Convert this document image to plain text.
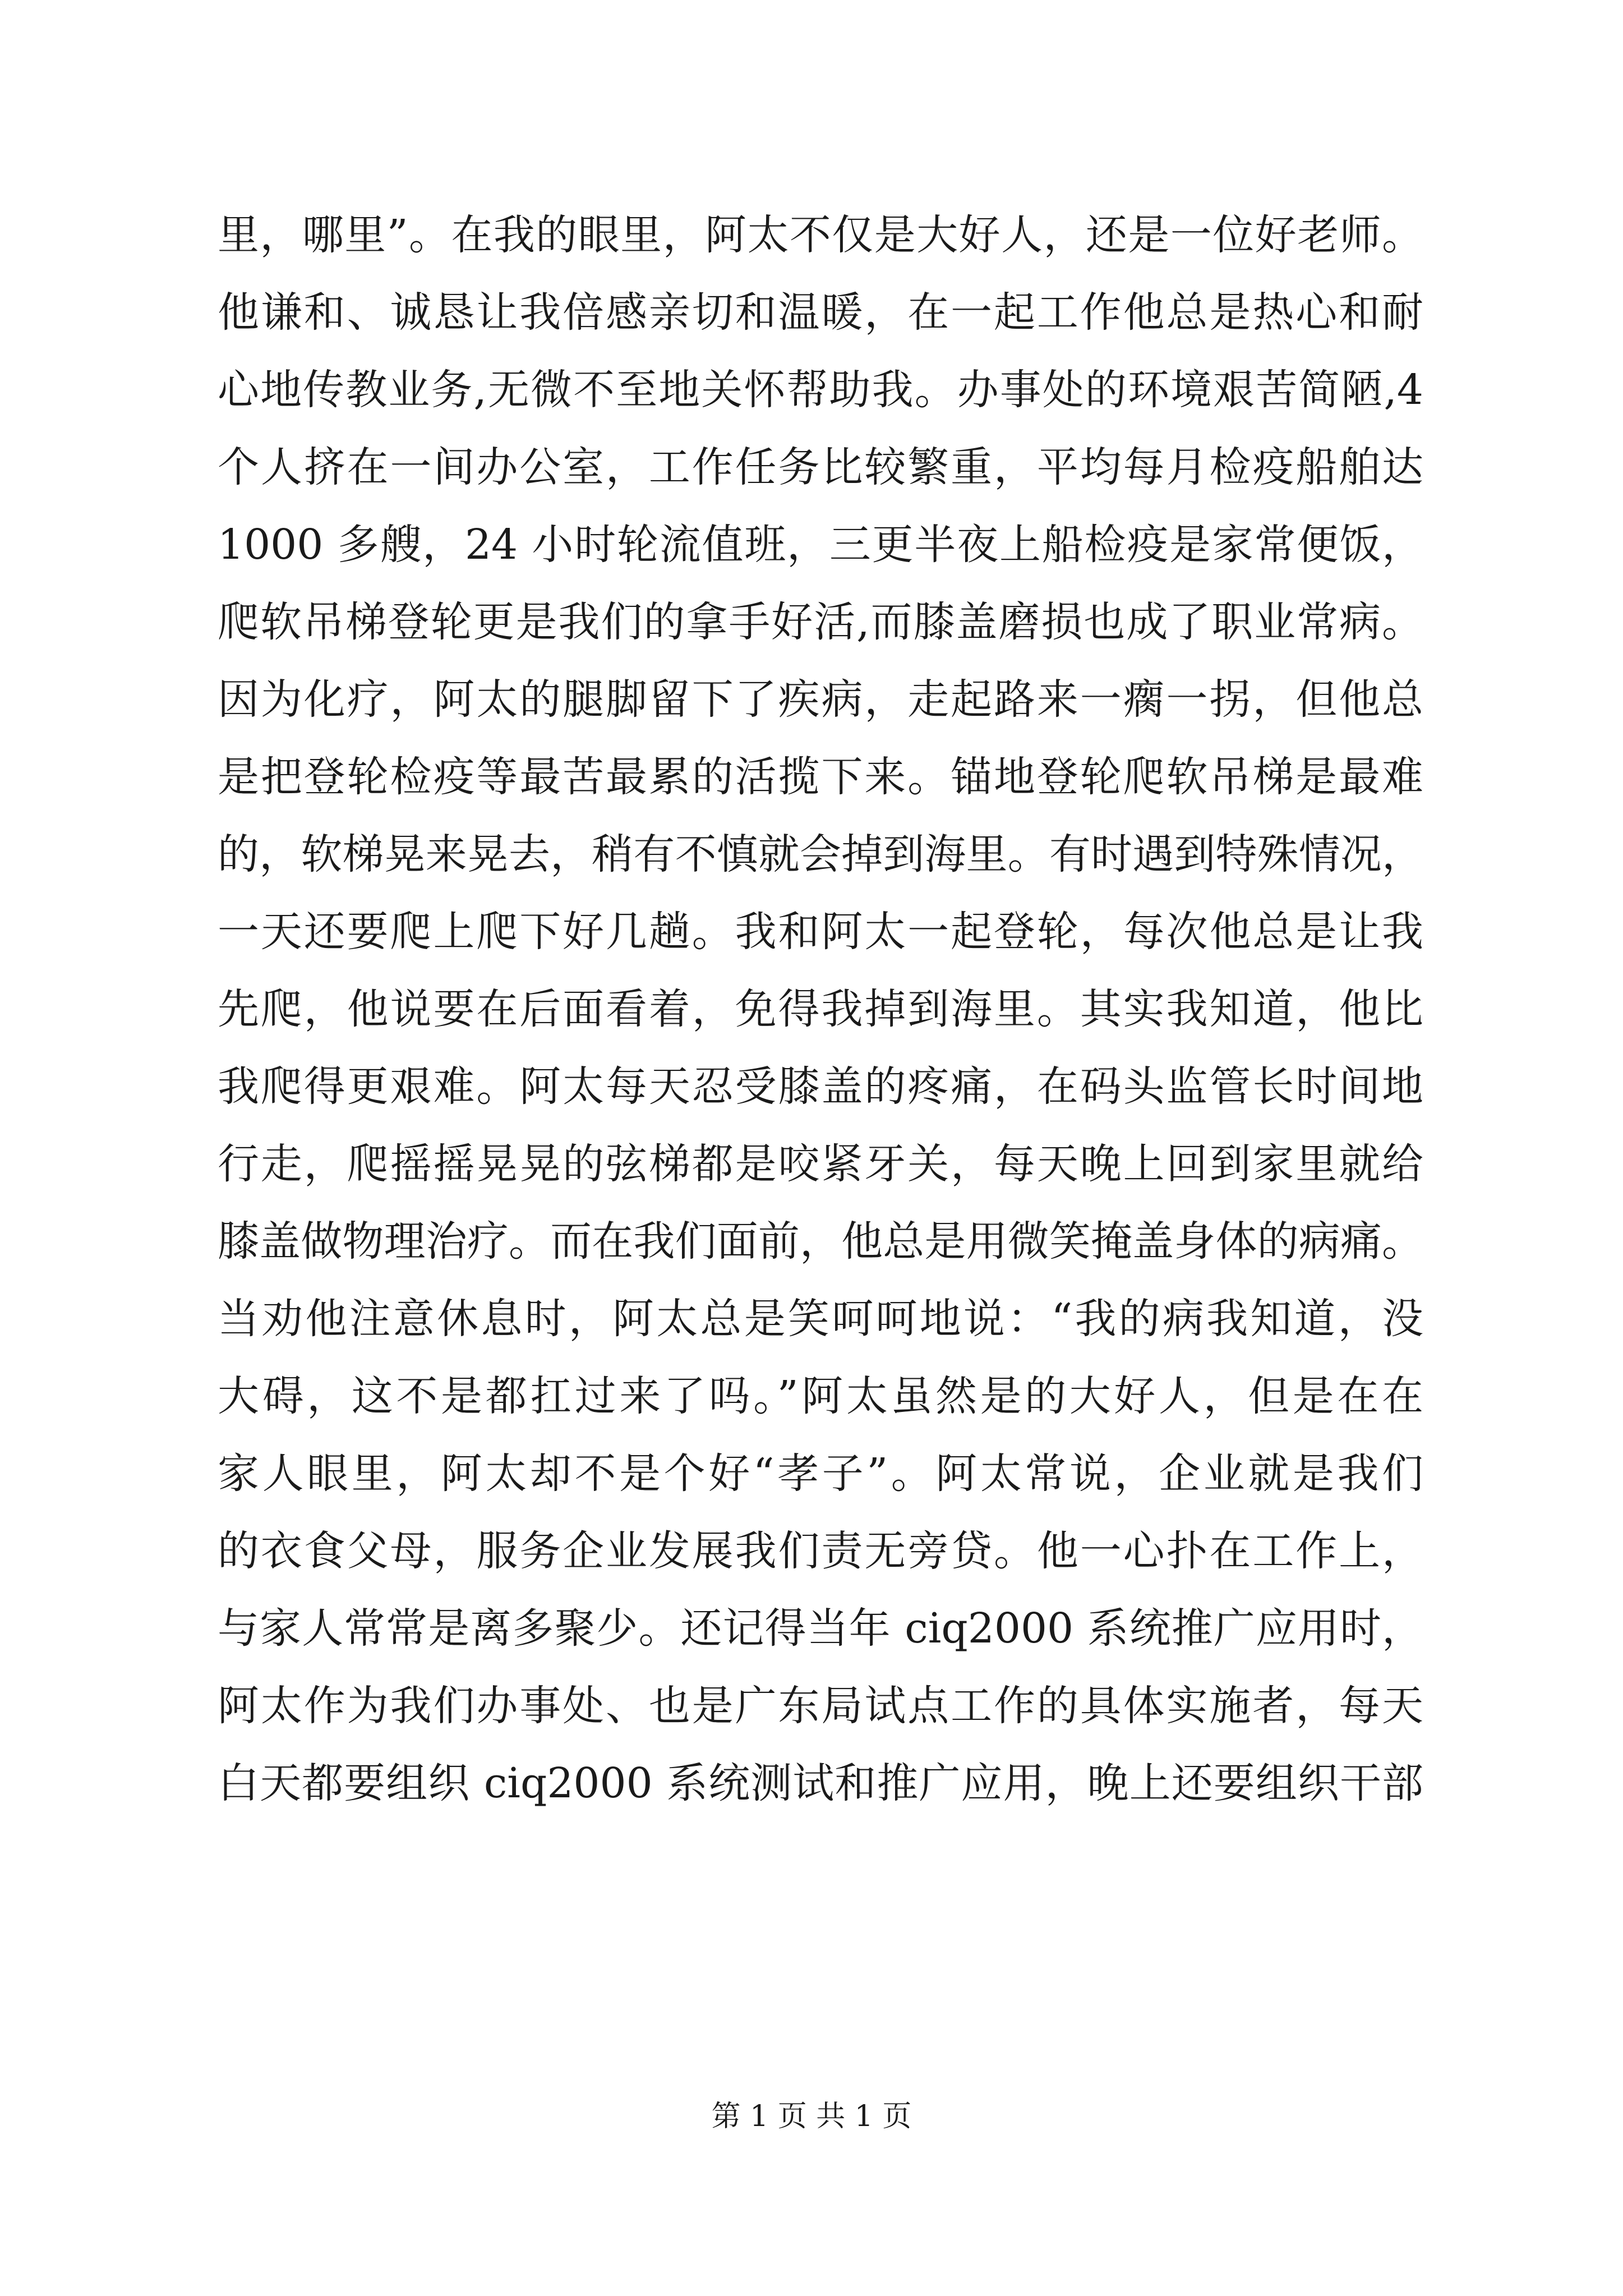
里，哪里”。在我的眼里，阿太不仅是大好人，还是一位好老师。
他谦和、诚恳让我倍感亲切和温暖，在一起工作他总是热心和耐
心地传教业务,无微不至地关怀帮助我。办事处的环境艰苦简陋,4
个人挤在一间办公室，工作任务比较繁重，平均每月检疫船舶达
1000 多艘，24 小时轮流值班，三更半夜上船检疫是家常便饭，
爬软吊梯登轮更是我们的拿手好活,而膝盖磨损也成了职业常病。
因为化疗，阿太的腿脚留下了疾病，走起路来一瘸一拐，但他总
是把登轮检疫等最苦最累的活揽下来。锚地登轮爬软吊梯是最难
的，软梯晃来晃去，稍有不慎就会掉到海里。有时遇到特殊情况，
一天还要爬上爬下好几趟。我和阿太一起登轮，每次他总是让我
先爬，他说要在后面看着，免得我掉到海里。其实我知道，他比
我爬得更艰难。阿太每天忍受膝盖的疼痛，在码头监管长时间地
行走，爬摇摇晃晃的弦梯都是咬紧牙关，每天晚上回到家里就给
膝盖做物理治疗。而在我们面前，他总是用微笑掩盖身体的病痛。
当劝他注意休息时，阿太总是笑呵呵地说：“我的病我知道，没
大碍，这不是都扛过来了吗。”阿太虽然是的大好人，但是在在
家人眼里，阿太却不是个好“孝子”。阿太常说，企业就是我们
的衣食父母，服务企业发展我们责无旁贷。他一心扑在工作上，
与家人常常是离多聚少。还记得当年 ciq2000 系统推广应用时，
阿太作为我们办事处、也是广东局试点工作的具体实施者，每天
白天都要组织 ciq2000 系统测试和推广应用，晚上还要组织干部
第 1 页 共 1 页
